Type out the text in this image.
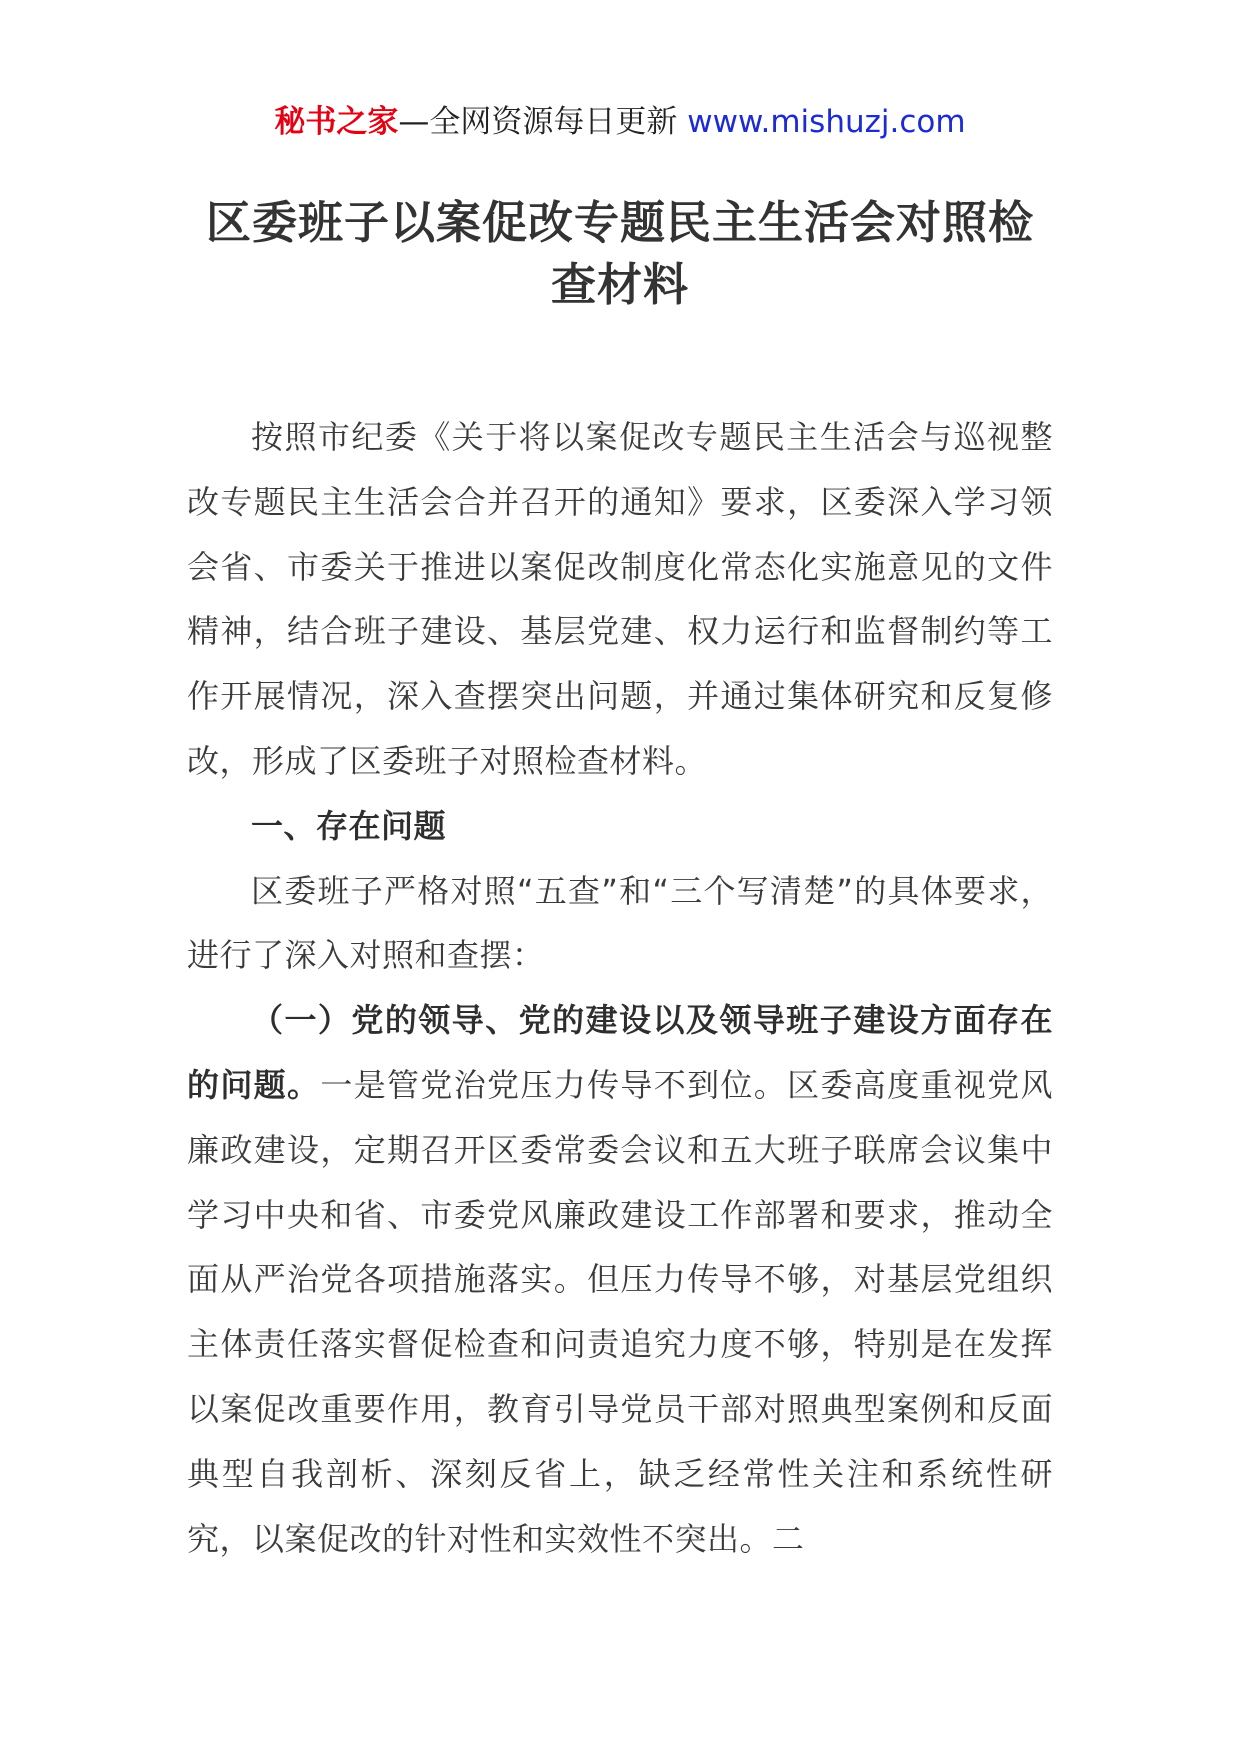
秘书之家—全网资源每日更新 www.mishuzj.com
区委班子以案促改专题民主生活会对照检查材料

按照市纪委《关于将以案促改专题民主生活会与巡视整改专题民主生活会合并召开的通知》要求，区委深入学习领会省、市委关于推进以案促改制度化常态化实施意见的文件精神，结合班子建设、基层党建、权力运行和监督制约等工作开展情况，深入查摆突出问题，并通过集体研究和反复修改，形成了区委班子对照检查材料。

一、存在问题

区委班子严格对照“五查”和“三个写清楚”的具体要求，进行了深入对照和查摆：

（一）党的领导、党的建设以及领导班子建设方面存在的问题。一是管党治党压力传导不到位。区委高度重视党风廉政建设，定期召开区委常委会议和五大班子联席会议集中学习中央和省、市委党风廉政建设工作部署和要求，推动全面从严治党各项措施落实。但压力传导不够，对基层党组织主体责任落实督促检查和问责追究力度不够，特别是在发挥以案促改重要作用，教育引导党员干部对照典型案例和反面典型自我剖析、深刻反省上，缺乏经常性关注和系统性研究，以案促改的针对性和实效性不突出。二
